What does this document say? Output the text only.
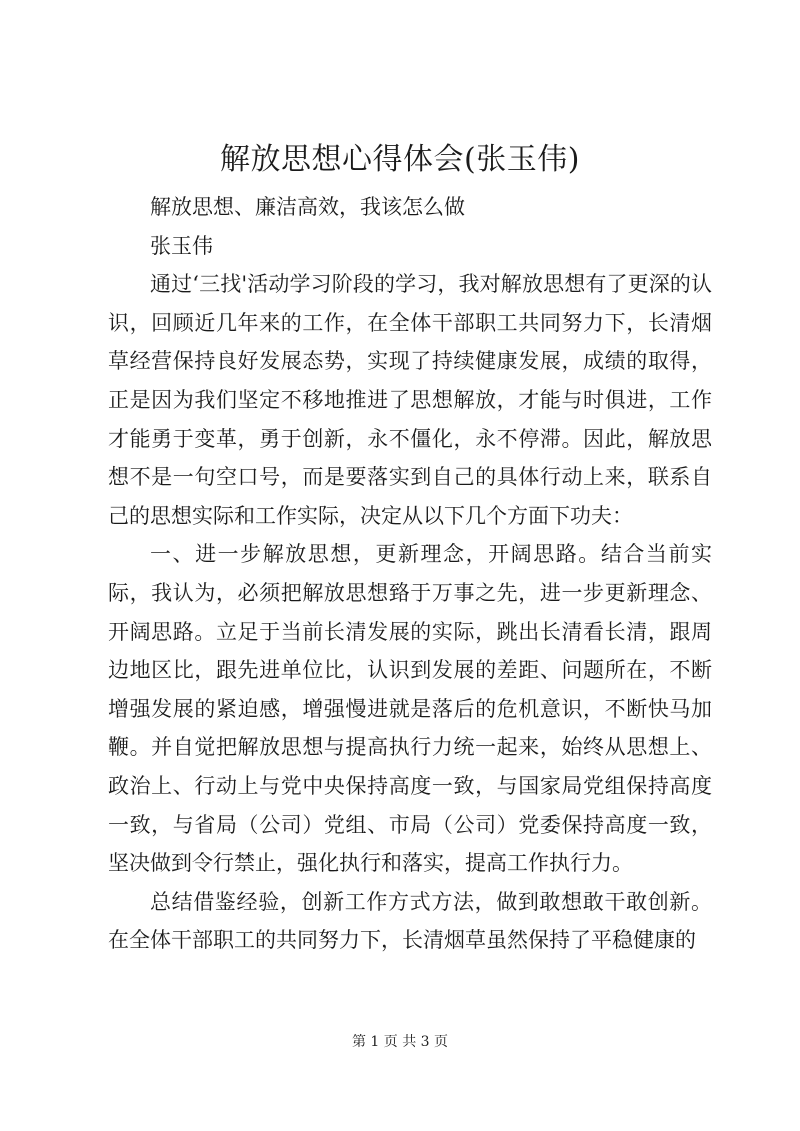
解放思想心得体会(张玉伟)

解放思想、廉洁高效，我该怎么做

张玉伟

通过‘三找'活动学习阶段的学习，我对解放思想有了更深的认识，回顾近几年来的工作，在全体干部职工共同努力下，长清烟草经营保持良好发展态势，实现了持续健康发展，成绩的取得，正是因为我们坚定不移地推进了思想解放，才能与时俱进，工作才能勇于变革，勇于创新，永不僵化，永不停滞。因此，解放思想不是一句空口号，而是要落实到自己的具体行动上来，联系自己的思想实际和工作实际，决定从以下几个方面下功夫：

一、进一步解放思想，更新理念，开阔思路。结合当前实际，我认为，必须把解放思想臵于万事之先，进一步更新理念、开阔思路。立足于当前长清发展的实际，跳出长清看长清，跟周边地区比，跟先进单位比，认识到发展的差距、问题所在，不断增强发展的紧迫感，增强慢进就是落后的危机意识，不断快马加鞭。并自觉把解放思想与提高执行力统一起来，始终从思想上、政治上、行动上与党中央保持高度一致，与国家局党组保持高度一致，与省局（公司）党组、市局（公司）党委保持高度一致，坚决做到令行禁止，强化执行和落实，提高工作执行力。

总结借鉴经验，创新工作方式方法，做到敢想敢干敢创新。在全体干部职工的共同努力下，长清烟草虽然保持了平稳健康的

第 1 页 共 3 页
